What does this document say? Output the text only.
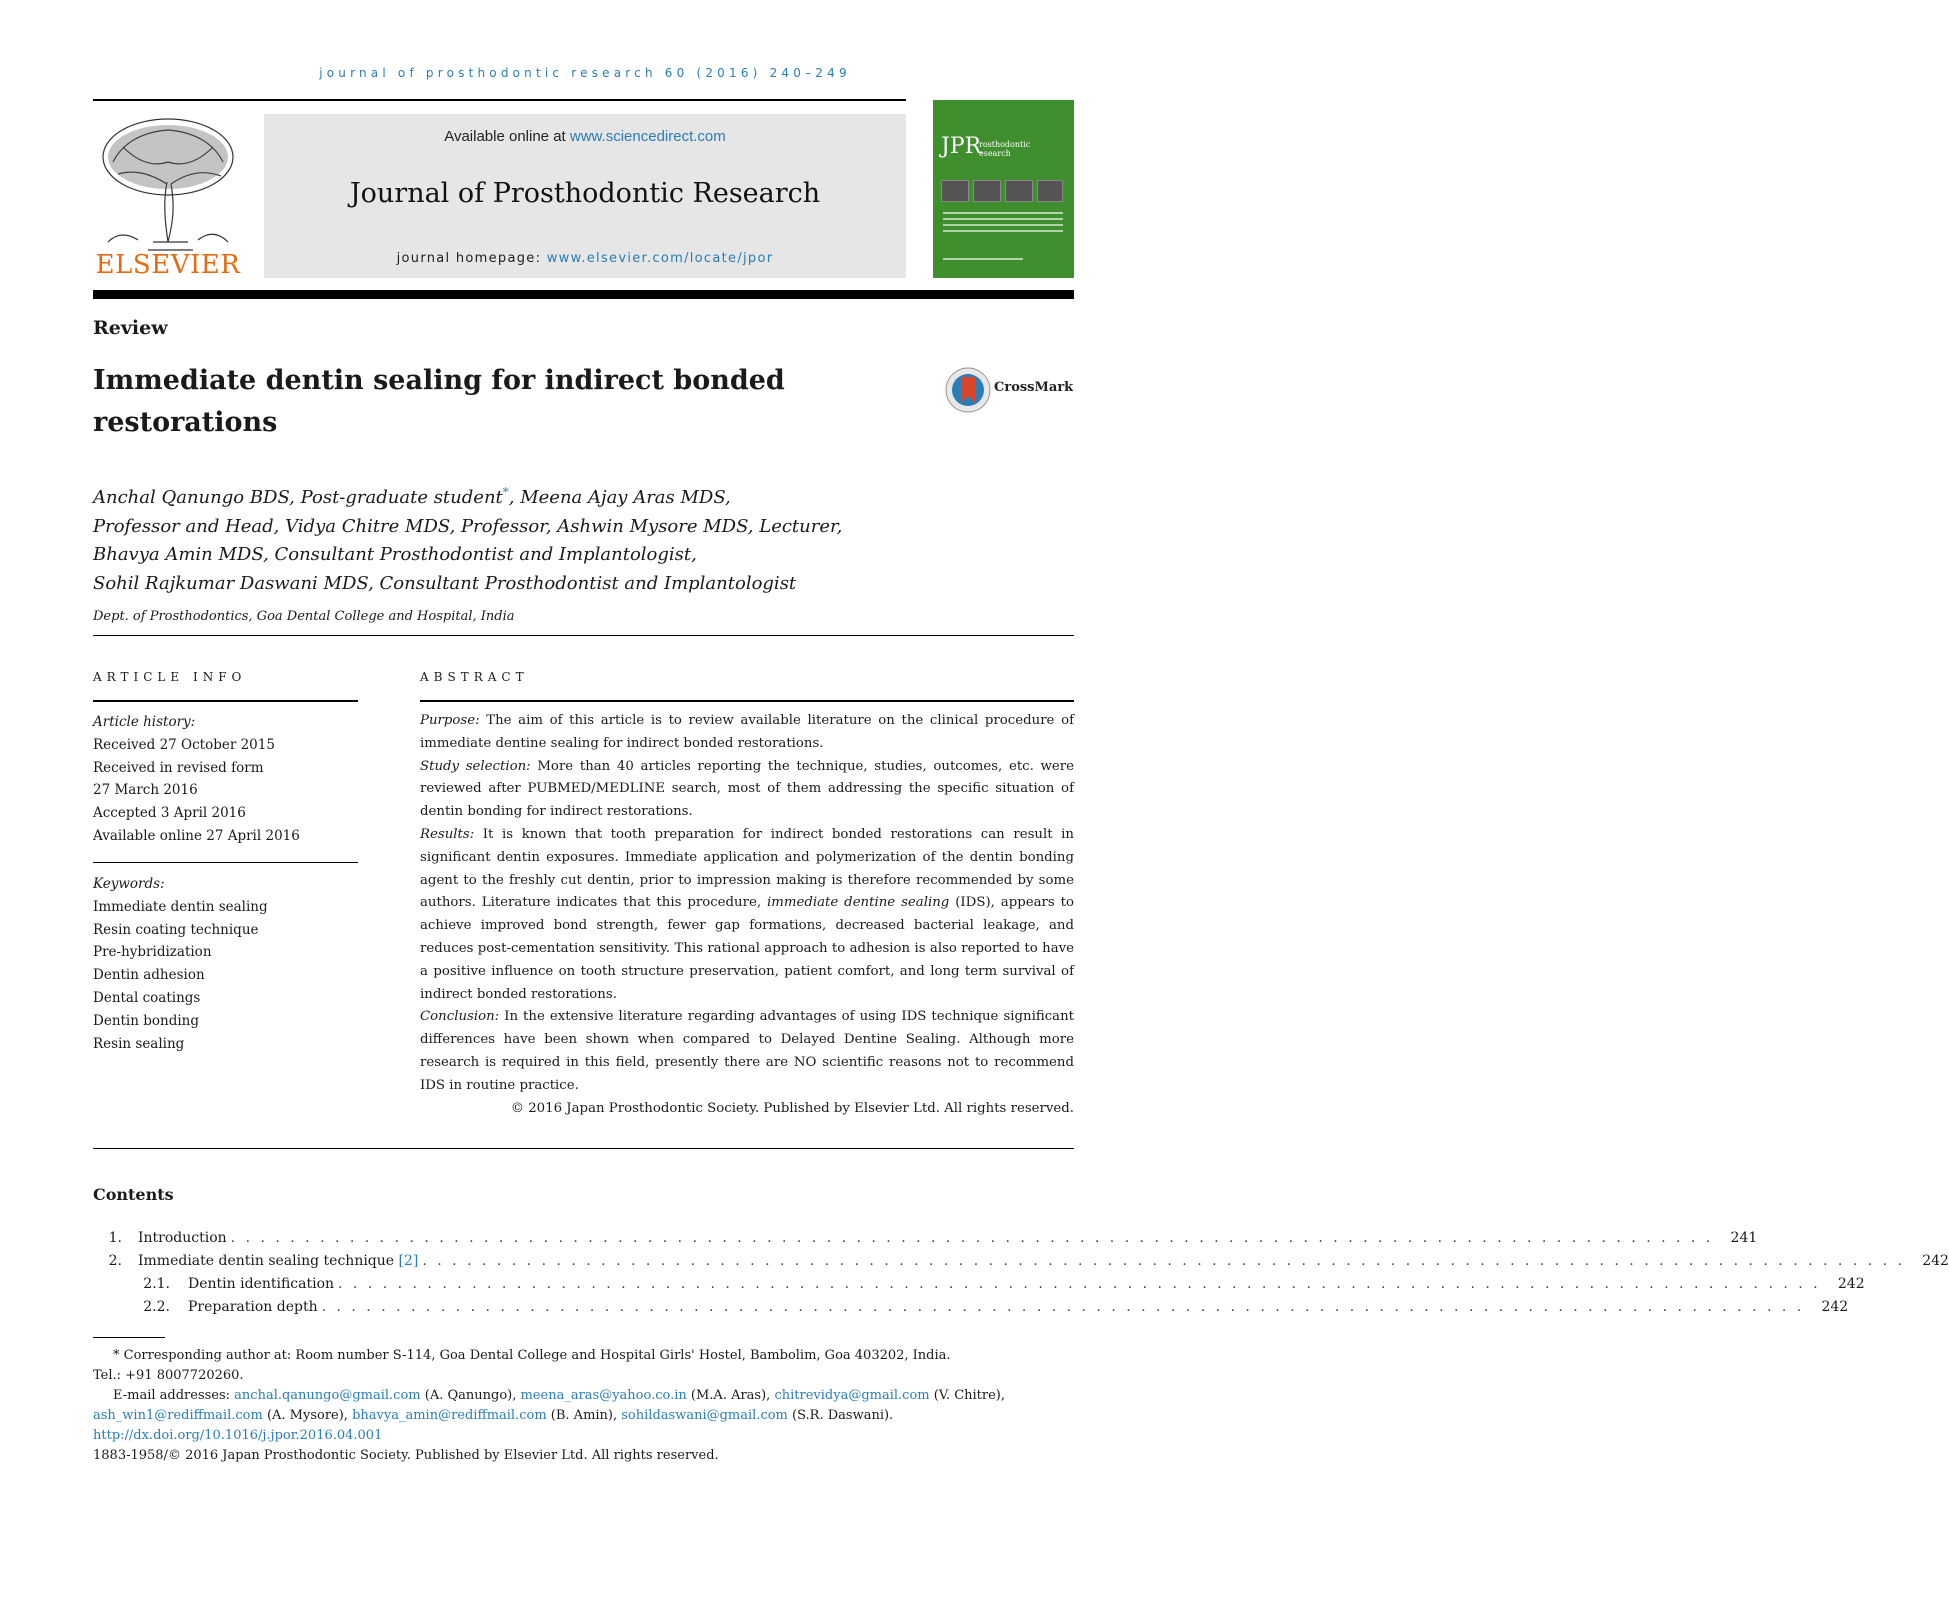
journal of prosthodontic research 60 (2016) 240–249
ELSEVIER
Available online at www.sciencedirect.com
Journal of Prosthodontic Research
journal homepage: www.elsevier.com/locate/jpor
JPR
rosthodontic
esearch
Review
Immediate dentin sealing for indirect bonded restorations
CrossMark
Anchal Qanungo BDS, Post-graduate student*, Meena Ajay Aras MDS,
Professor and Head, Vidya Chitre MDS, Professor, Ashwin Mysore MDS, Lecturer,
Bhavya Amin MDS, Consultant Prosthodontist and Implantologist,
Sohil Rajkumar Daswani MDS, Consultant Prosthodontist and Implantologist
Dept. of Prosthodontics, Goa Dental College and Hospital, India
ARTICLE INFO	ABSTRACT
Article history:
Received 27 October 2015
Received in revised form
27 March 2016
Accepted 3 April 2016
Available online 27 April 2016
Keywords:
Immediate dentin sealing
Resin coating technique
Pre-hybridization
Dentin adhesion
Dental coatings
Dentin bonding
Resin sealing

Purpose: The aim of this article is to review available literature on the clinical procedure of immediate dentine sealing for indirect bonded restorations.

Study selection: More than 40 articles reporting the technique, studies, outcomes, etc. were reviewed after PUBMED/MEDLINE search, most of them addressing the specific situation of dentin bonding for indirect restorations.

Results: It is known that tooth preparation for indirect bonded restorations can result in significant dentin exposures. Immediate application and polymerization of the dentin bonding agent to the freshly cut dentin, prior to impression making is therefore recommended by some authors. Literature indicates that this procedure, immediate dentine sealing (IDS), appears to achieve improved bond strength, fewer gap formations, decreased bacterial leakage, and reduces post-cementation sensitivity. This rational approach to adhesion is also reported to have a positive influence on tooth structure preservation, patient comfort, and long term survival of indirect bonded restorations.

Conclusion: In the extensive literature regarding advantages of using IDS technique significant differences have been shown when compared to Delayed Dentine Sealing. Although more research is required in this field, presently there are NO scientific reasons not to recommend IDS in routine practice.

© 2016 Japan Prosthodontic Society. Published by Elsevier Ltd. All rights reserved.

Contents
1.	Introduction . . . . . . . . . . . . . . . . . . . . . . . . . . . . . . . . . . . . . . . . . . . . . . . . . . . . . . . . . . . . . . . . . . . . . . . . . . . . . . . . . . . . . . . . . . . . . . . . . . . .	241
2.	Immediate dentin sealing technique [2] . . . . . . . . . . . . . . . . . . . . . . . . . . . . . . . . . . . . . . . . . . . . . . . . . . . . . . . . . . . . . . . . . . . . . . . . . . . . . . . . . . . . . . . . . . . . . . . . . . . .	242
2.1.	Dentin identification . . . . . . . . . . . . . . . . . . . . . . . . . . . . . . . . . . . . . . . . . . . . . . . . . . . . . . . . . . . . . . . . . . . . . . . . . . . . . . . . . . . . . . . . . . . . . . . . . . . .	242
2.2.	Preparation depth . . . . . . . . . . . . . . . . . . . . . . . . . . . . . . . . . . . . . . . . . . . . . . . . . . . . . . . . . . . . . . . . . . . . . . . . . . . . . . . . . . . . . . . . . . . . . . . . . . . .	242
* Corresponding author at: Room number S-114, Goa Dental College and Hospital Girls' Hostel, Bambolim, Goa 403202, India.
Tel.: +91 8007720260.
E-mail addresses: anchal.qanungo@gmail.com (A. Qanungo), meena_aras@yahoo.co.in (M.A. Aras), chitrevidya@gmail.com (V. Chitre),
ash_win1@rediffmail.com (A. Mysore), bhavya_amin@rediffmail.com (B. Amin), sohildaswani@gmail.com (S.R. Daswani).
http://dx.doi.org/10.1016/j.jpor.2016.04.001
1883-1958/© 2016 Japan Prosthodontic Society. Published by Elsevier Ltd. All rights reserved.
